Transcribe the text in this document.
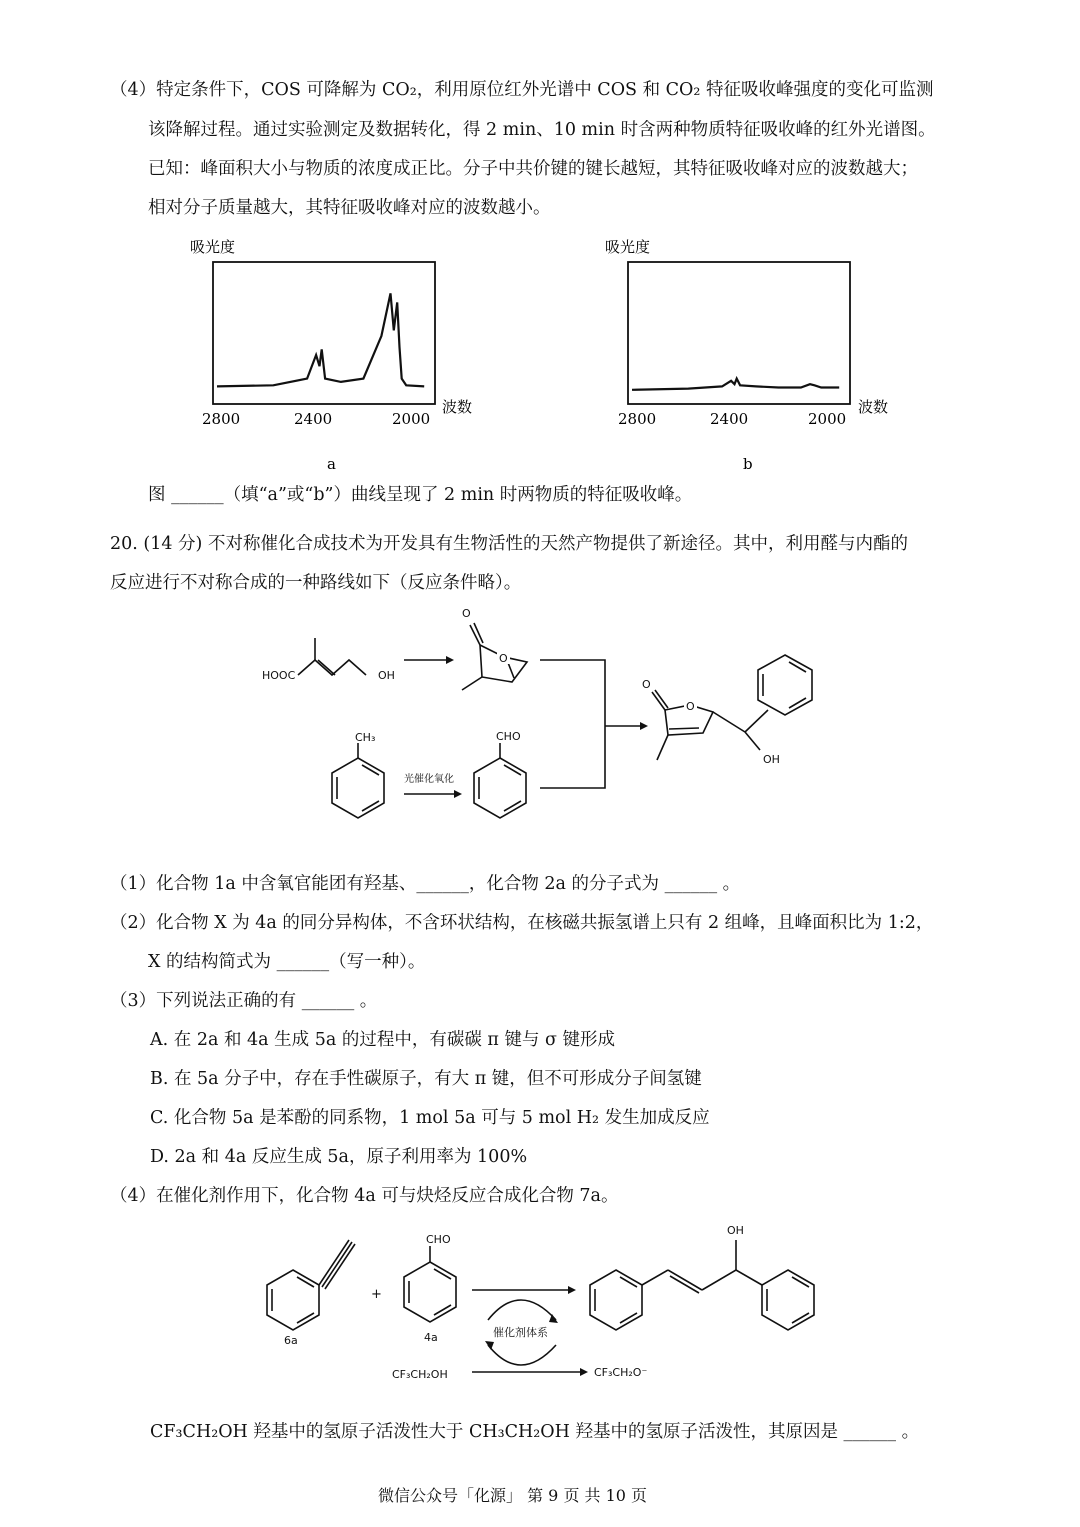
（4）特定条件下，COS 可降解为 CO₂，利用原位红外光谱中 COS 和 CO₂ 特征吸收峰强度的变化可监测
该降解过程。通过实验测定及数据转化，得 2 min、10 min 时含两种物质特征吸收峰的红外光谱图。
已知：峰面积大小与物质的浓度成正比。分子中共价键的键长越短，其特征吸收峰对应的波数越大；
相对分子质量越大，其特征吸收峰对应的波数越小。
吸光度
2800	2400	2000
波数
a
吸光度
2800	2400	2000
波数
b
图 ______（填“a”或“b”）曲线呈现了 2 min 时两物质的特征吸收峰。
20. (14 分) 不对称催化合成技术为开发具有生物活性的天然产物提供了新途径。其中，利用醛与内酯的
反应进行不对称合成的一种路线如下（反应条件略）。
HOOC	OH
O
O
CH₃
光催化氧化
CHO
O
O
OH
（1）化合物 1a 中含氧官能团有羟基、______，化合物 2a 的分子式为 ______ 。
（2）化合物 X 为 4a 的同分异构体，不含环状结构，在核磁共振氢谱上只有 2 组峰，且峰面积比为 1:2，
X 的结构简式为 ______（写一种）。
（3）下列说法正确的有 ______ 。
A. 在 2a 和 4a 生成 5a 的过程中，有碳碳 π 键与 σ 键形成
B. 在 5a 分子中，存在手性碳原子，有大 π 键，但不可形成分子间氢键
C. 化合物 5a 是苯酚的同系物，1 mol 5a 可与 5 mol H₂ 发生加成反应
D. 2a 和 4a 反应生成 5a，原子利用率为 100%
（4）在催化剂作用下，化合物 4a 可与炔烃反应合成化合物 7a。
6a
+
CHO
4a	催化剂体系
CF₃CH₂OH	CF₃CH₂O⁻
OH
CF₃CH₂OH 羟基中的氢原子活泼性大于 CH₃CH₂OH 羟基中的氢原子活泼性，其原因是 ______ 。
微信公众号「化源」 第 9 页 共 10 页
